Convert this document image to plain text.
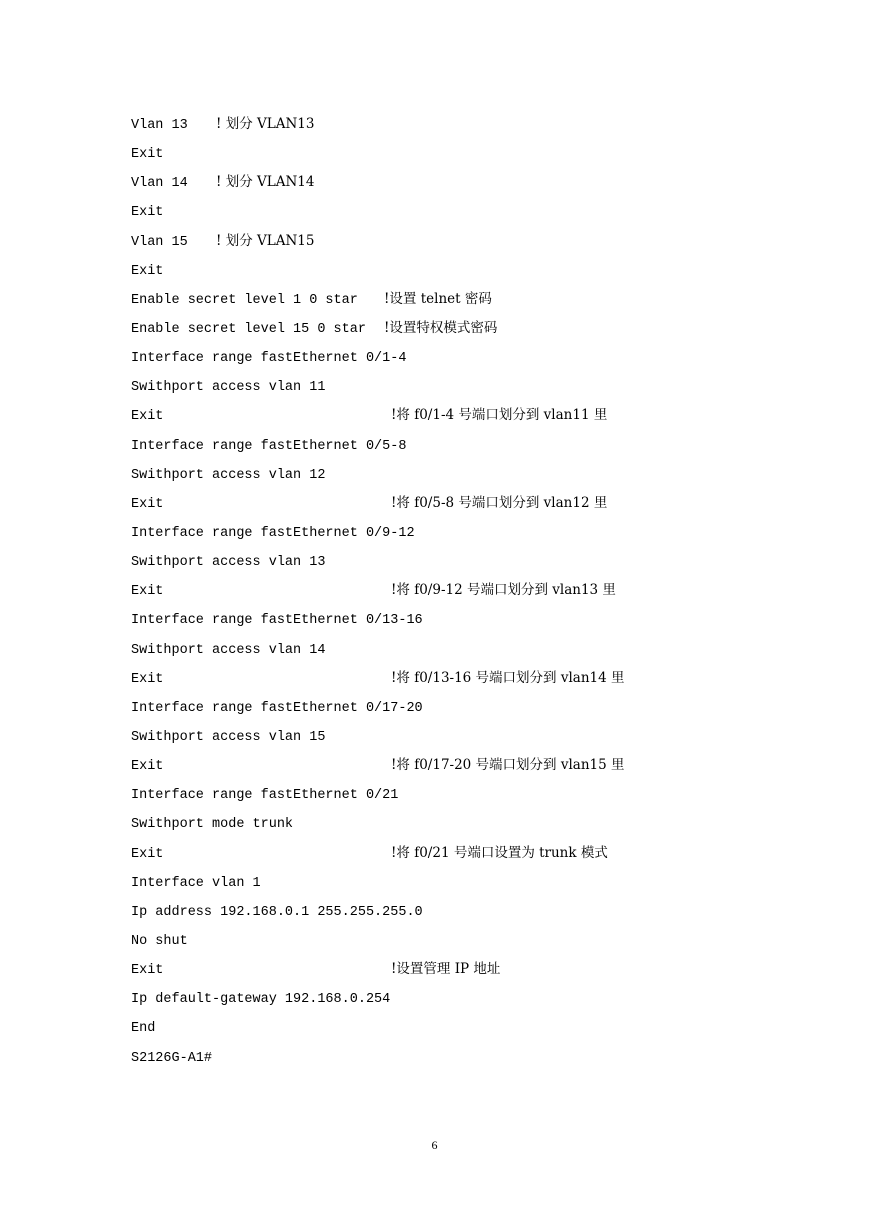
Vlan 13 ! 划分 VLAN13
Exit
Vlan 14 ! 划分 VLAN14
Exit
Vlan 15 ! 划分 VLAN15
Exit
Enable secret level 1 0 star !设置 telnet 密码
Enable secret level 15 0 star !设置特权模式密码
Interface range fastEthernet 0/1-4
Swithport access vlan 11
Exit	!将 f0/1-4 号端口划分到 vlan11 里
Interface range fastEthernet 0/5-8
Swithport access vlan 12
Exit	!将 f0/5-8 号端口划分到 vlan12 里
Interface range fastEthernet 0/9-12
Swithport access vlan 13
Exit	!将 f0/9-12 号端口划分到 vlan13 里
Interface range fastEthernet 0/13-16
Swithport access vlan 14
Exit	!将 f0/13-16 号端口划分到 vlan14 里
Interface range fastEthernet 0/17-20
Swithport access vlan 15
Exit	!将 f0/17-20 号端口划分到 vlan15 里
Interface range fastEthernet 0/21
Swithport mode trunk
Exit	!将 f0/21 号端口设置为 trunk 模式
Interface vlan 1
Ip address 192.168.0.1 255.255.255.0
No shut
Exit	!设置管理 IP 地址
Ip default-gateway 192.168.0.254
End
S2126G-A1#
6
